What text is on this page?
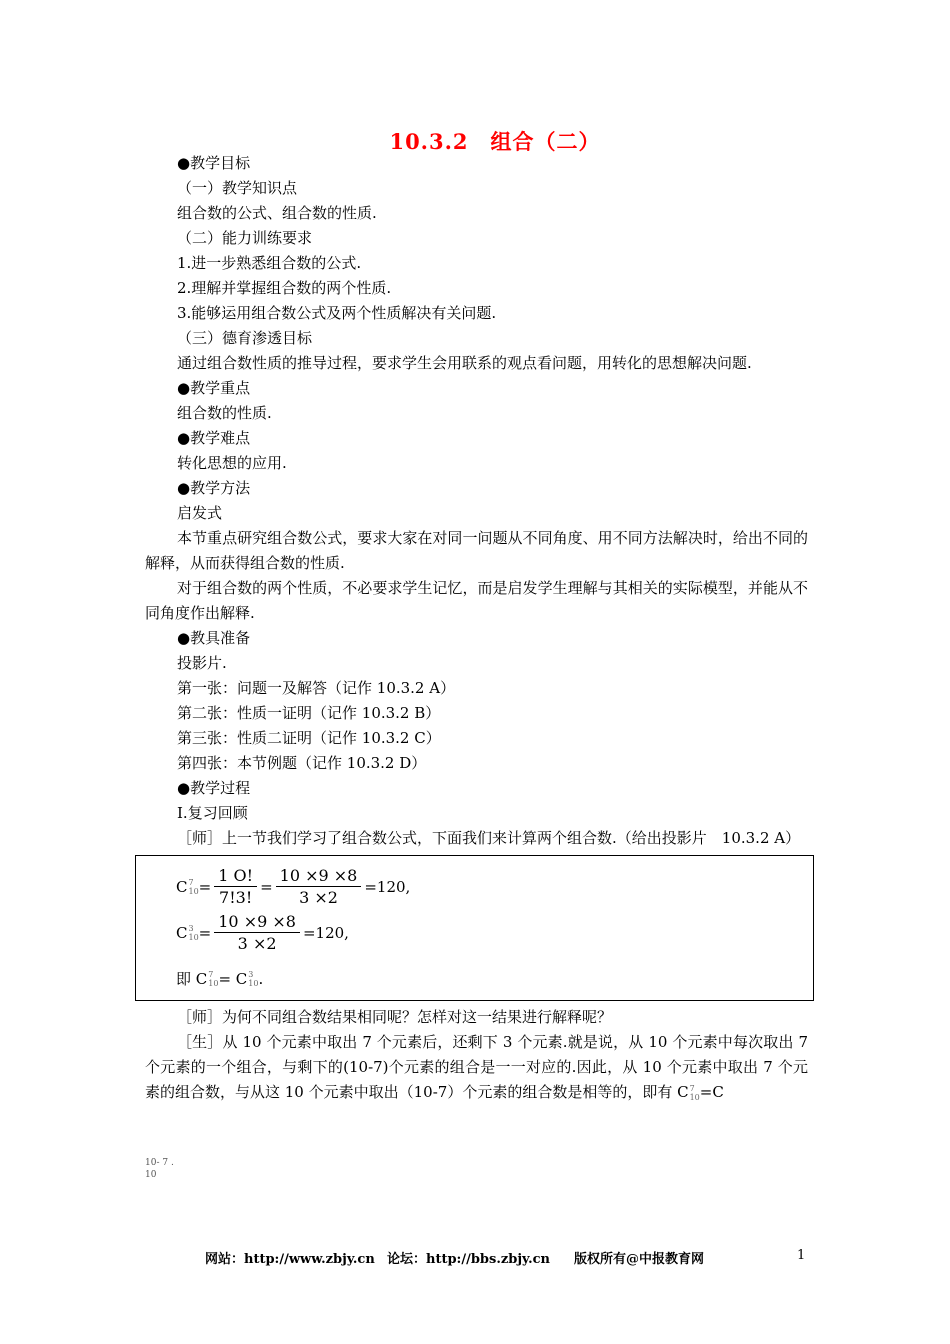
10.3.2　组合（二）

●教学目标

（一）教学知识点

组合数的公式、组合数的性质.

（二）能力训练要求

1.进一步熟悉组合数的公式.

2.理解并掌握组合数的两个性质.

3.能够运用组合数公式及两个性质解决有关问题.

（三）德育渗透目标

通过组合数性质的推导过程，要求学生会用联系的观点看问题，用转化的思想解决问题.

●教学重点

组合数的性质.

●教学难点

转化思想的应用.

●教学方法

启发式

本节重点研究组合数公式，要求大家在对同一问题从不同角度、用不同方法解决时，给出不同的解释，从而获得组合数的性质.

对于组合数的两个性质，不必要求学生记忆，而是启发学生理解与其相关的实际模型，并能从不同角度作出解释.

●教具准备

投影片.

第一张：问题一及解答（记作 10.3.2 A）

第二张：性质一证明（记作 10.3.2 B）

第三张：性质二证明（记作 10.3.2 C）

第四张：本节例题（记作 10.3.2 D）

●教学过程

Ⅰ.复习回顾

［师］上一节我们学习了组合数公式，下面我们来计算两个组合数.（给出投影片　10.3.2 A）

C 7
$10 = \frac{1 O!}{7!3!} = \frac{10 \times 9 \times 8}{3 \times 2} =120$,
C 3
$10 = \frac{10 \times 9 \times 8}{3 \times 2} =120$,
即 C 7
10 = C 3
10 .

［师］为何不同组合数结果相同呢？怎样对这一结果进行解释呢？

［生］从 10 个元素中取出 7 个元素后，还剩下 3 个元素.就是说，从 10 个元素中每次取出 7 个元素的一个组合，与剩下的(10-7)个元素的组合是一一对应的.因此，从 10 个元素中取出 7 个元素的组合数，与从这 10 个元素中取出（10-7）个元素的组合数是相等的，即有 C 7
10 =C

10- 7 .
10
网站：http://www.zbjy.cn 论坛：http://bbs.zbjy.cn 版权所有@中报教育网	1
